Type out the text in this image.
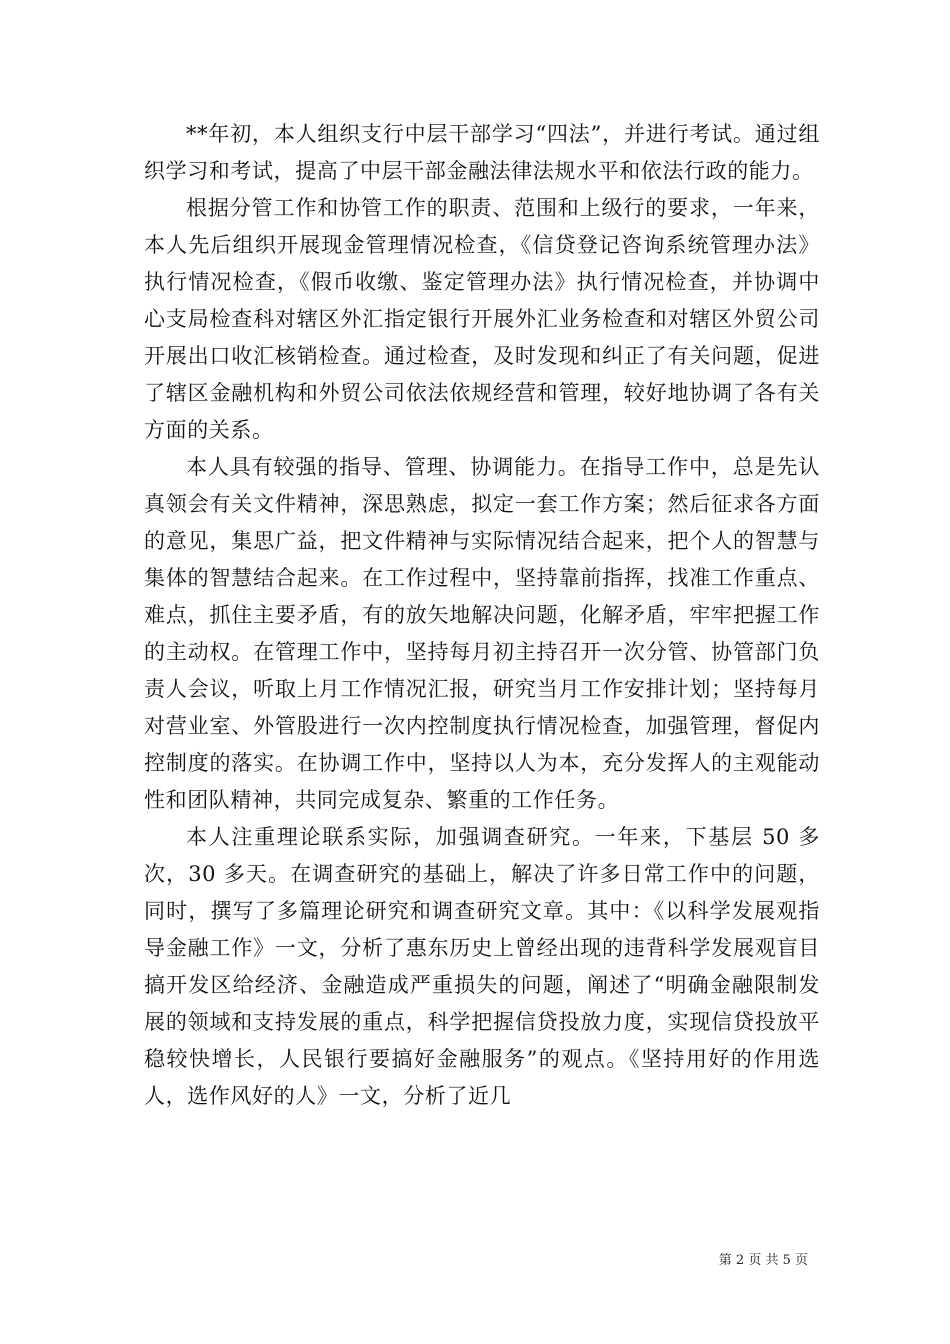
**年初，本人组织支行中层干部学习“四法”，并进行考试。通过组织学习和考试，提高了中层干部金融法律法规水平和依法行政的能力。

根据分管工作和协管工作的职责、范围和上级行的要求，一年来，本人先后组织开展现金管理情况检查，《信贷登记咨询系统管理办法》执行情况检查，《假币收缴、鉴定管理办法》执行情况检查，并协调中心支局检查科对辖区外汇指定银行开展外汇业务检查和对辖区外贸公司开展出口收汇核销检查。通过检查，及时发现和纠正了有关问题，促进了辖区金融机构和外贸公司依法依规经营和管理，较好地协调了各有关方面的关系。

本人具有较强的指导、管理、协调能力。在指导工作中，总是先认真领会有关文件精神，深思熟虑，拟定一套工作方案；然后征求各方面的意见，集思广益，把文件精神与实际情况结合起来，把个人的智慧与集体的智慧结合起来。在工作过程中，坚持靠前指挥，找准工作重点、难点，抓住主要矛盾，有的放矢地解决问题，化解矛盾，牢牢把握工作的主动权。在管理工作中，坚持每月初主持召开一次分管、协管部门负责人会议，听取上月工作情况汇报，研究当月工作安排计划；坚持每月对营业室、外管股进行一次内控制度执行情况检查，加强管理，督促内控制度的落实。在协调工作中，坚持以人为本，充分发挥人的主观能动性和团队精神，共同完成复杂、繁重的工作任务。

本人注重理论联系实际，加强调查研究。一年来，下基层 50 多次，30 多天。在调查研究的基础上，解决了许多日常工作中的问题，同时，撰写了多篇理论研究和调查研究文章。其中：《以科学发展观指导金融工作》一文，分析了惠东历史上曾经出现的违背科学发展观盲目搞开发区给经济、金融造成严重损失的问题，阐述了“明确金融限制发展的领域和支持发展的重点，科学把握信贷投放力度，实现信贷投放平稳较快增长，人民银行要搞好金融服务”的观点。《坚持用好的作用选人，选作风好的人》一文，分析了近几

第 2 页 共 5 页
